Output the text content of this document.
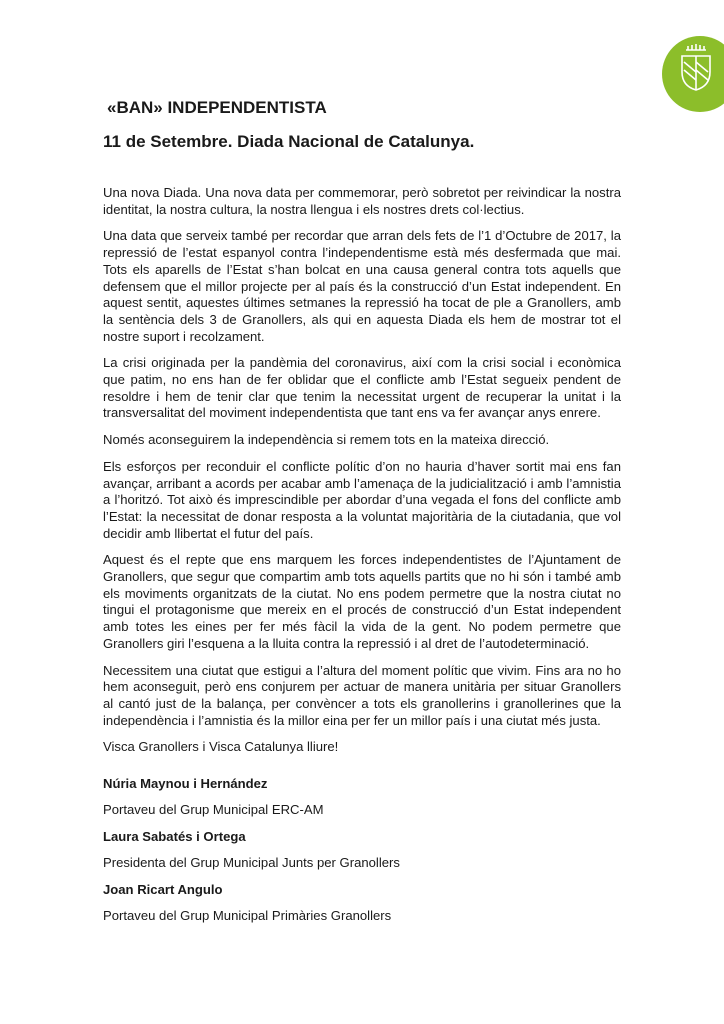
«BAN» INDEPENDENTISTA
11 de Setembre. Diada Nacional de Catalunya.

Una nova Diada. Una nova data per commemorar, però sobretot per reivindicar la nostra identitat, la nostra cultura, la nostra llengua i els nostres drets col·lectius.

Una data que serveix també per recordar que arran dels fets de l’1 d’Octubre de 2017, la repressió de l’estat espanyol contra l’independentisme està més desfermada que mai. Tots els aparells de l’Estat s’han bolcat en una causa general contra tots aquells que defensem que el millor projecte per al país és la construcció d’un Estat independent. En aquest sentit, aquestes últimes setmanes la repressió ha tocat de ple a Granollers, amb la sentència dels 3 de Granollers, als qui en aquesta Diada els hem de mostrar tot el nostre suport i recolzament.

La crisi originada per la pandèmia del coronavirus, així com la crisi social i econòmica que patim, no ens han de fer oblidar que el conflicte amb l’Estat segueix pendent de resoldre i hem de tenir clar que tenim la necessitat urgent de recuperar la unitat i la transversalitat del moviment independentista que tant ens va fer avançar anys enrere.

Només aconseguirem la independència si remem tots en la mateixa direcció.

Els esforços per reconduir el conflicte polític d’on no hauria d’haver sortit mai ens fan avançar, arribant a acords per acabar amb l’amenaça de la judicialització i amb l’amnistia a l’horitzó. Tot això és imprescindible per abordar d’una vegada el fons del conflicte amb l’Estat: la necessitat de donar resposta a la voluntat majoritària de la ciutadania, que vol decidir amb llibertat el futur del país.

Aquest és el repte que ens marquem les forces independentistes de l’Ajuntament de Granollers, que segur que compartim amb tots aquells partits que no hi són i també amb els moviments organitzats de la ciutat. No ens podem permetre que la nostra ciutat no tingui el protagonisme que mereix en el procés de construcció d’un Estat independent amb totes les eines per fer més fàcil la vida de la gent. No podem permetre que Granollers giri l’esquena a la lluita contra la repressió i al dret de l’autodeterminació.

Necessitem una ciutat que estigui a l’altura del moment polític que vivim. Fins ara no ho hem aconseguit, però ens conjurem per actuar de manera unitària per situar Granollers al cantó just de la balança, per convèncer a tots els granollerins i granollerines que la independència i l’amnistia és la millor eina per fer un millor país i una ciutat més justa.

Visca Granollers i Visca Catalunya lliure!

Núria Maynou i Hernández
Portaveu del Grup Municipal ERC-AM
Laura Sabatés i Ortega
Presidenta del Grup Municipal Junts per Granollers
Joan Ricart Angulo
Portaveu del Grup Municipal Primàries Granollers
